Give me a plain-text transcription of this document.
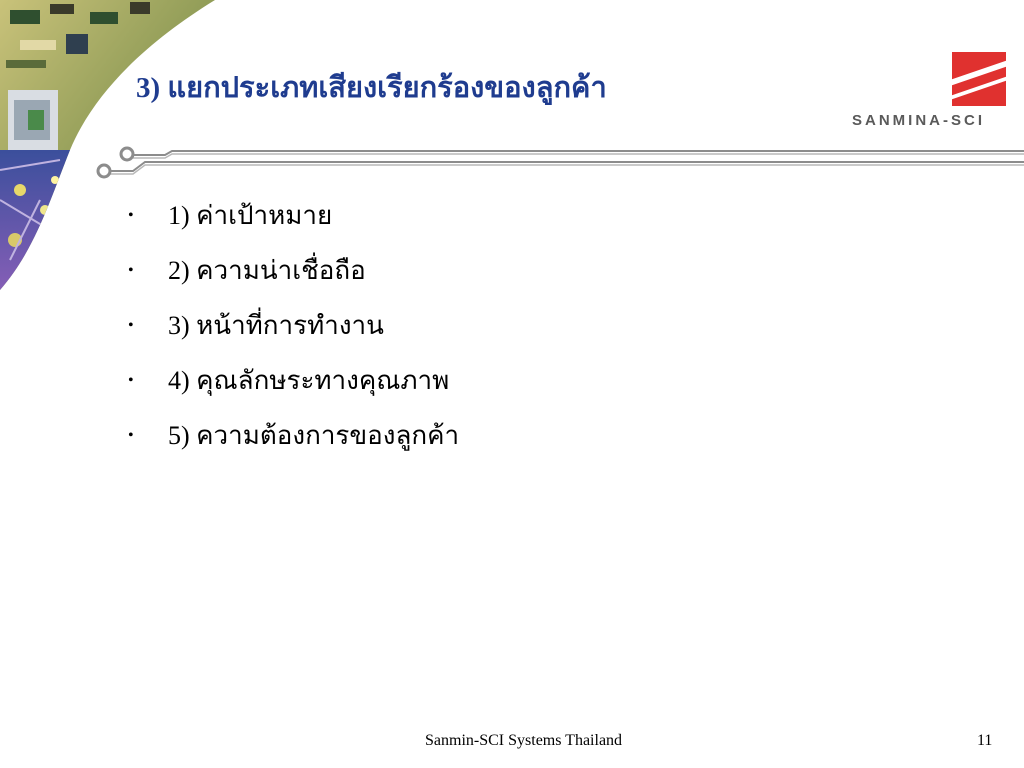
3) แยกประเภทเสียงเรียกร้องของลูกค้า
SANMINA-SCI
•	1) ค่าเป้าหมาย
•	2) ความน่าเชื่อถือ
•	3) หน้าที่การทำงาน
•	4) คุณลักษระทางคุณภาพ
•	5) ความต้องการของลูกค้า
Sanmin-SCI Systems Thailand	11
